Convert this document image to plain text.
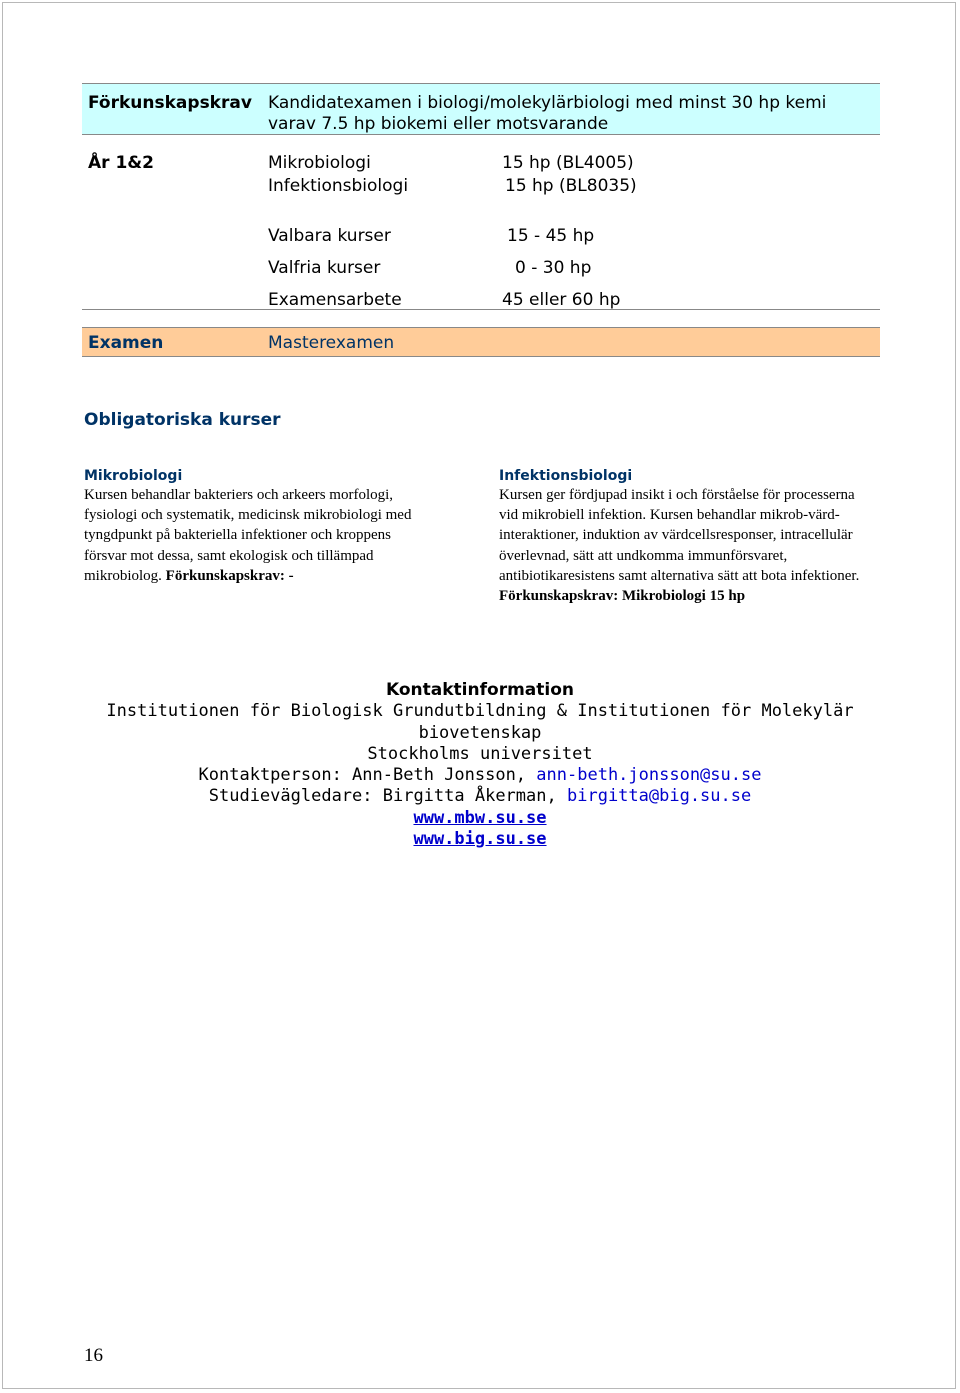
Förkunskapskrav Kandidatexamen i biologi/molekylärbiologi med minst 30 hp kemi varav 7.5 hp biokemi eller motsvarande
År 1&2	Mikrobiologi	15 hp (BL4005)
Infektionsbiologi	15 hp (BL8035)
Valbara kurser	15 - 45 hp
Valfria kurser	0 - 30 hp
Examensarbete	45 eller 60 hp
Examen	Masterexamen
Obligatoriska kurser
Mikrobiologi
Kursen behandlar bakteriers och arkeers morfologi, fysiologi och systematik, medicinsk mikrobiologi med tyngdpunkt på bakteriella infektioner och kroppens försvar mot dessa, samt ekologisk och tillämpad mikrobiolog. Förkunskapskrav: -
Infektionsbiologi
Kursen ger fördjupad insikt i och förståelse för processerna vid mikrobiell infektion. Kursen behandlar mikrob-värd-interaktioner, induktion av värdcellsresponser, intracellulär överlevnad, sätt att undkomma immunförsvaret, antibiotikaresistens samt alternativa sätt att bota infektioner.
Förkunskapskrav: Mikrobiologi 15 hp
Kontaktinformation
Institutionen för Biologisk Grundutbildning & Institutionen för Molekylär biovetenskap
Stockholms universitet
Kontaktperson: Ann-Beth Jonsson, ann-beth.jonsson@su.se
Studievägledare: Birgitta Åkerman, birgitta@big.su.se
www.mbw.su.se
www.big.su.se
16
